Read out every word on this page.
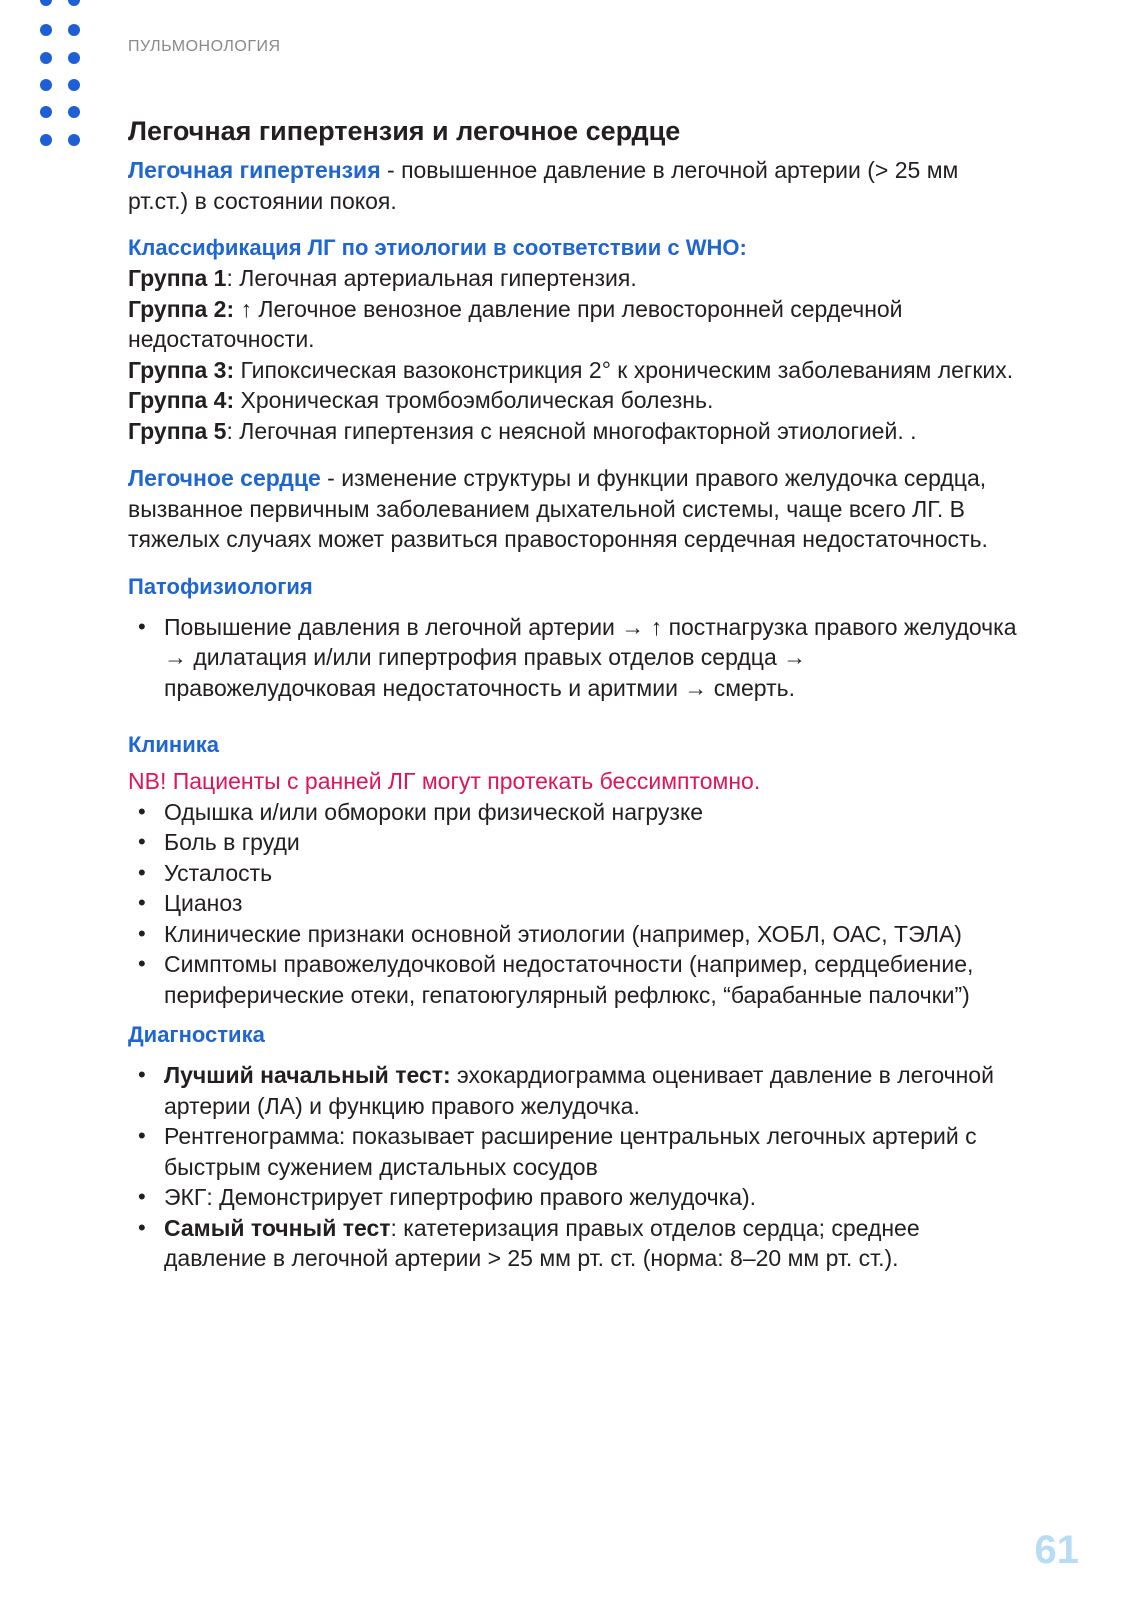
ПУЛЬМОНОЛОГИЯ
Легочная гипертензия и легочное сердце

Легочная гипертензия - повышенное давление в легочной артерии (> 25 мм рт.ст.) в состоянии покоя.

Классификация ЛГ по этиологии в соответствии с WHO:

Группа 1: Легочная артериальная гипертензия.

Группа 2: ↑ Легочное венозное давление при левосторонней сердечной недостаточности.

Группа 3: Гипоксическая вазоконстрикция 2° к хроническим заболеваниям легких.

Группа 4: Хроническая тромбоэмболическая болезнь.

Группа 5: Легочная гипертензия с неясной многофакторной этиологией. .

Легочное сердце - изменение структуры и функции правого желудочка сердца, вызванное первичным заболеванием дыхательной системы, чаще всего ЛГ. В тяжелых случаях может развиться правосторонняя сердечная недостаточность.

Патофизиология
• Повышение давления в легочной артерии → ↑ постнагрузка правого желудочка → дилатация и/или гипертрофия правых отделов сердца → правожелудочковая недостаточность и аритмии → смерть.
Клиника

NB! Пациенты с ранней ЛГ могут протекать бессимптомно.

• Одышка и/или обмороки при физической нагрузке
• Боль в груди
• Усталость
• Цианоз
• Клинические признаки основной этиологии (например, ХОБЛ, ОАС, ТЭЛА)
• Симптомы правожелудочковой недостаточности (например, сердцебиение, периферические отеки, гепатоюгулярный рефлюкс, “барабанные палочки”)
Диагностика
• Лучший начальный тест: эхокардиограмма оценивает давление в легочной артерии (ЛА) и функцию правого желудочка.
• Рентгенограмма: показывает расширение центральных легочных артерий с быстрым сужением дистальных сосудов
• ЭКГ: Демонстрирует гипертрофию правого желудочка).
• Самый точный тест: катетеризация правых отделов сердца; среднее давление в легочной артерии > 25 мм рт. ст. (норма: 8–20 мм рт. ст.).
61
